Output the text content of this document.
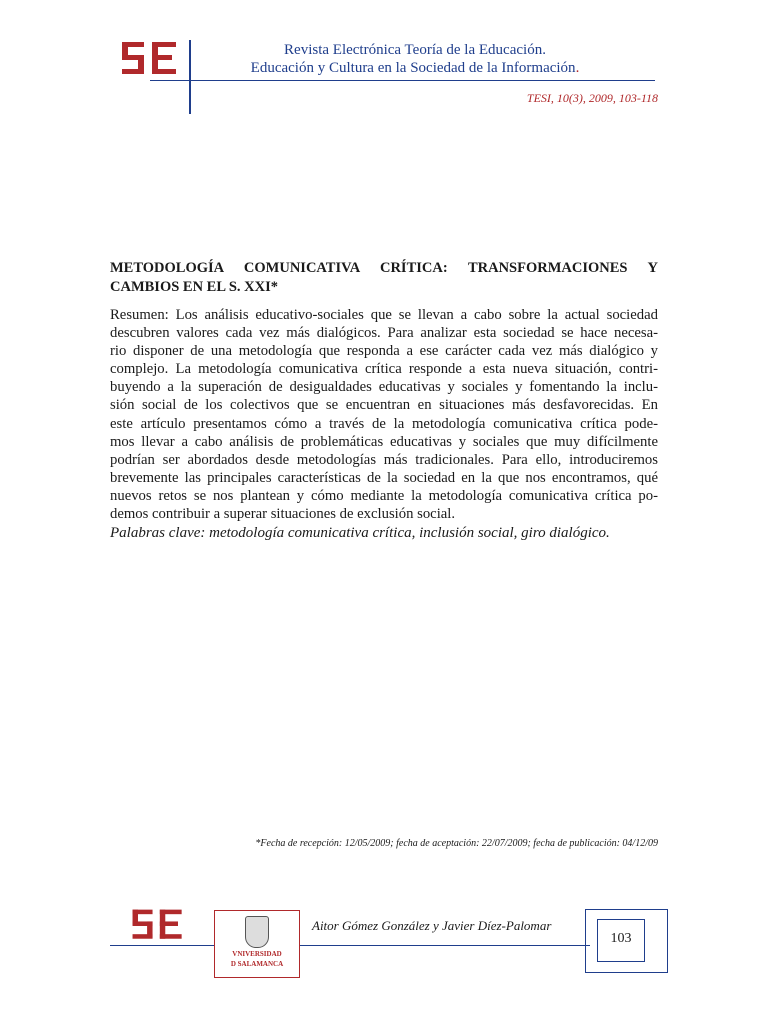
Revista Electrónica Teoría de la Educación.
Educación y Cultura en la Sociedad de la Información.
TESI, 10(3), 2009, 103-118
METODOLOGÍA COMUNICATIVA CRÍTICA: TRANSFORMACIONES Y
CAMBIOS EN EL S. XXI*
Resumen: Los análisis educativo-sociales que se llevan a cabo sobre la actual sociedad
descubren valores cada vez más dialógicos. Para analizar esta sociedad se hace necesa-
rio disponer de una metodología que responda a ese carácter cada vez más dialógico y
complejo. La metodología comunicativa crítica responde a esta nueva situación, contri-
buyendo a la superación de desigualdades educativas y sociales y fomentando la inclu-
sión social de los colectivos que se encuentran en situaciones más desfavorecidas. En
este artículo presentamos cómo a través de la metodología comunicativa crítica pode-
mos llevar a cabo análisis de problemáticas educativas y sociales que muy difícilmente
podrían ser abordados desde metodologías más tradicionales. Para ello, introduciremos
brevemente las principales características de la sociedad en la que nos encontramos, qué
nuevos retos se nos plantean y cómo mediante la metodología comunicativa crítica po-
demos contribuir a superar situaciones de exclusión social.
Palabras clave: metodología comunicativa crítica, inclusión social, giro dialógico.
*Fecha de recepción: 12/05/2009; fecha de aceptación: 22/07/2009; fecha de publicación: 04/12/09
VNIVERSIDAD
D SALAMANCA
Aitor Gómez González y Javier Díez-Palomar
103
